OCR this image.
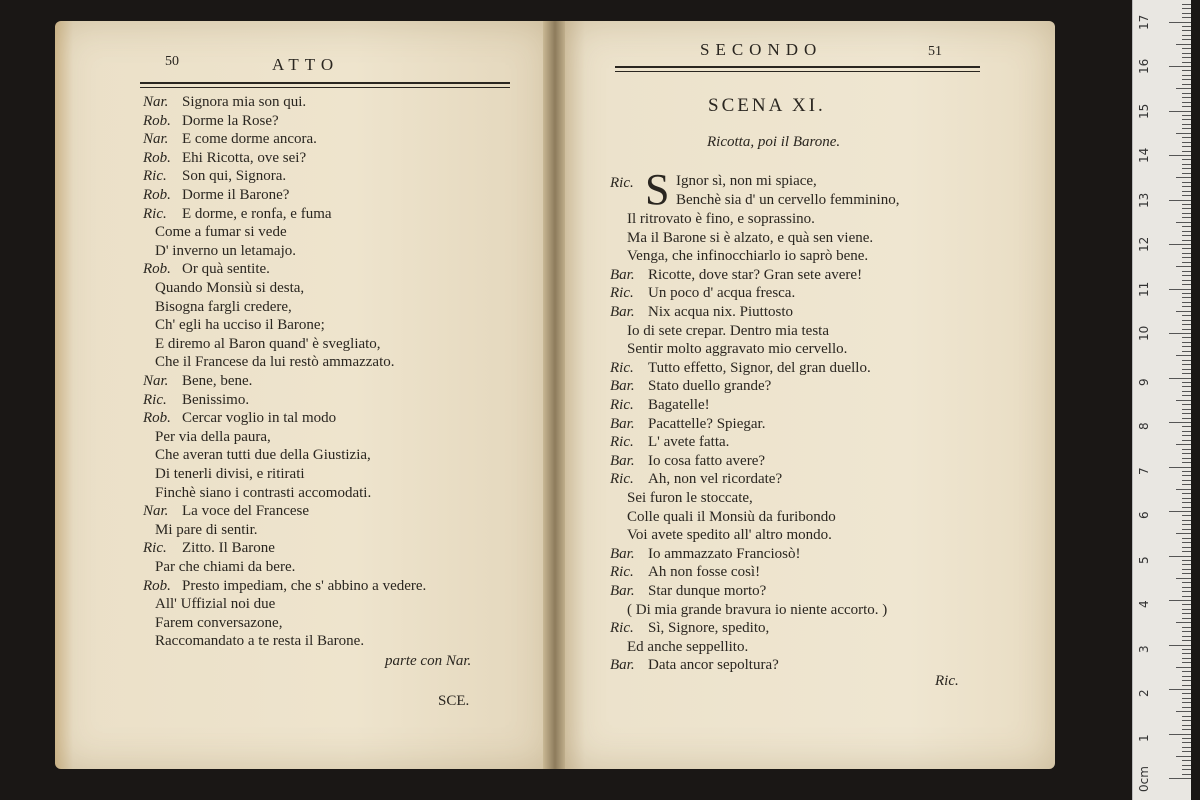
50	ATTO
Nar. Signora mia son qui.
Rob. Dorme la Rose?
Nar. E come dorme ancora.
Rob. Ehi Ricotta, ove sei?
Ric. Son qui, Signora.
Rob. Dorme il Barone?
Ric. E dorme, e ronfa, e fuma
Come a fumar si vede
D' inverno un letamajo.
Rob. Or quà sentite.
Quando Monsiù si desta,
Bisogna fargli credere,
Ch' egli ha ucciso il Barone;
E diremo al Baron quand' è svegliato,
Che il Francese da lui restò ammazzato.
Nar. Bene, bene.
Ric. Benissimo.
Rob. Cercar voglio in tal modo
Per via della paura,
Che averan tutti due della Giustizia,
Di tenerli divisi, e ritirati
Finchè siano i contrasti accomodati.
Nar. La voce del Francese
Mi pare di sentir.
Ric. Zitto. Il Barone
Par che chiami da bere.
Rob. Presto impediam, che s' abbino a vedere.
All' Uffizial noi due
Farem conversazone,
Raccomandato a te resta il Barone.
parte con Nar.
SCE.
SECONDO	51
SCENA XI.
Ricotta, poi il Barone.
Ric. S Ignor sì, non mi spiace,
Benchè sia d' un cervello femminino,
Il ritrovato è fino, e soprassino.
Ma il Barone si è alzato, e quà sen viene.
Venga, che infinocchiarlo io saprò bene.
Bar. Ricotte, dove star? Gran sete avere!
Ric. Un poco d' acqua fresca.
Bar. Nix acqua nix. Piuttosto
Io di sete crepar. Dentro mia testa
Sentir molto aggravato mio cervello.
Ric. Tutto effetto, Signor, del gran duello.
Bar. Stato duello grande?
Ric. Bagatelle!
Bar. Pacattelle? Spiegar.
Ric. L' avete fatta.
Bar. Io cosa fatto avere?
Ric. Ah, non vel ricordate?
Sei furon le stoccate,
Colle quali il Monsiù da furibondo
Voi avete spedito all' altro mondo.
Bar. Io ammazzato Franciosò!
Ric. Ah non fosse così!
Bar. Star dunque morto?
( Di mia grande bravura io niente accorto. )
Ric. Sì, Signore, spedito,
Ed anche seppellito.
Bar. Data ancor sepoltura?
Ric.
0cm
1
2
3
4
5
6
7
8
9
10
11
12
13
14
15
16
17
